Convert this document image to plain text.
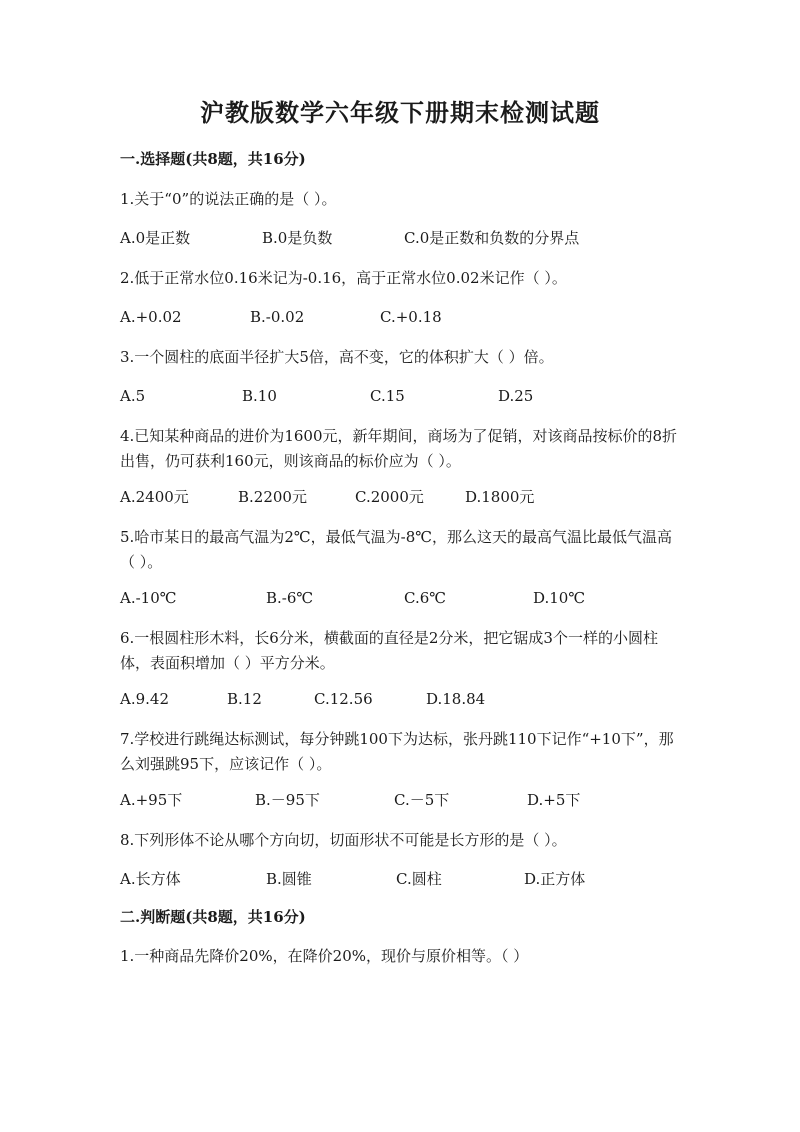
沪教版数学六年级下册期末检测试题
一.选择题(共8题，共16分)
1.关于“0”的说法正确的是（ ）。
A.0是正数	B.0是负数	C.0是正数和负数的分界点
2.低于正常水位0.16米记为-0.16，高于正常水位0.02米记作（ ）。
A.+0.02	B.-0.02	C.+0.18
3.一个圆柱的底面半径扩大5倍，高不变，它的体积扩大（ ）倍。
A.5	B.10	C.15	D.25
4.已知某种商品的进价为1600元，新年期间，商场为了促销，对该商品按标价的8折出售，仍可获利160元，则该商品的标价应为（ ）。
A.2400元	B.2200元	C.2000元	D.1800元
5.哈市某日的最高气温为2℃，最低气温为-8℃，那么这天的最高气温比最低气温高（ ）。
A.-10℃	B.-6℃	C.6℃	D.10℃
6.一根圆柱形木料，长6分米，横截面的直径是2分米，把它锯成3个一样的小圆柱体，表面积增加（ ）平方分米。
A.9.42	B.12	C.12.56	D.18.84
7.学校进行跳绳达标测试，每分钟跳100下为达标，张丹跳110下记作“+10下”，那么刘强跳95下，应该记作（ ）。
A.+95下	B.－95下	C.－5下	D.+5下
8.下列形体不论从哪个方向切，切面形状不可能是长方形的是（ ）。
A.长方体	B.圆锥	C.圆柱	D.正方体
二.判断题(共8题，共16分)
1.一种商品先降价20%，在降价20%，现价与原价相等。（ ）
